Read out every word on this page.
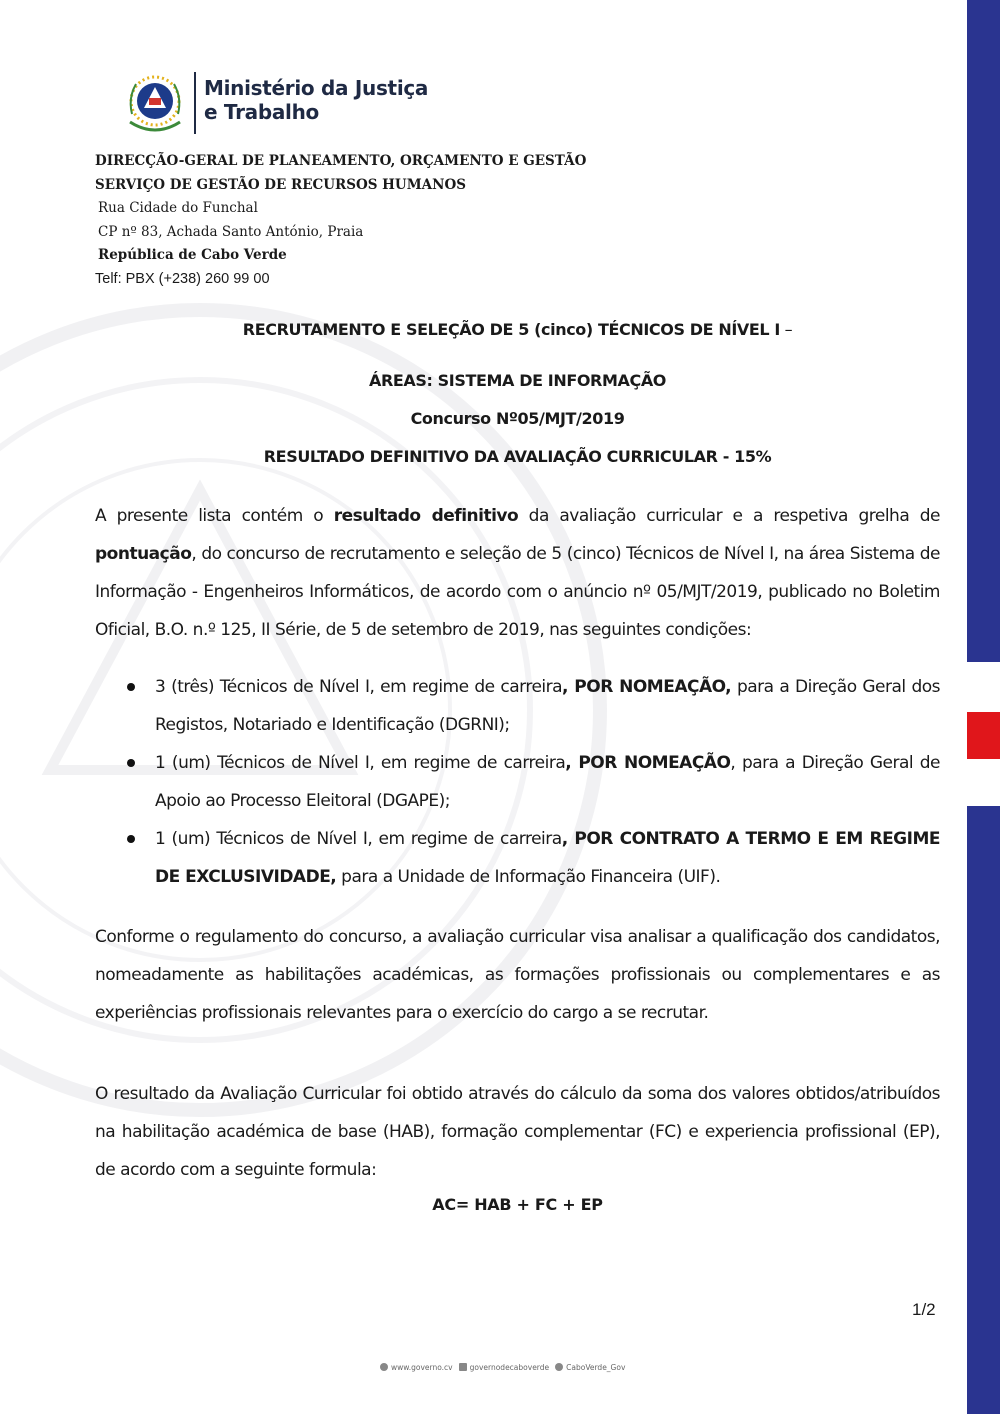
Ministério da Justiça
e Trabalho
DIRECÇÃO-GERAL DE PLANEAMENTO, ORÇAMENTO E GESTÃO
SERVIÇO DE GESTÃO DE RECURSOS HUMANOS
Rua Cidade do Funchal
CP nº 83, Achada Santo António, Praia
República de Cabo Verde
Telf: PBX (+238) 260 99 00
RECRUTAMENTO E SELEÇÃO DE 5 (cinco) TÉCNICOS DE NÍVEL I –
ÁREAS: SISTEMA DE INFORMAÇÃO
Concurso Nº05/MJT/2019
RESULTADO DEFINITIVO DA AVALIAÇÃO CURRICULAR - 15%
A presente lista contém o resultado definitivo da avaliação curricular e a respetiva grelha de pontuação, do concurso de recrutamento e seleção de 5 (cinco) Técnicos de Nível I, na área Sistema de Informação - Engenheiros Informáticos, de acordo com o anúncio nº 05/MJT/2019, publicado no Boletim Oficial, B.O. n.º 125, II Série, de 5 de setembro de 2019, nas seguintes condições:
3 (três) Técnicos de Nível I, em regime de carreira, POR NOMEAÇÃO, para a Direção Geral dos Registos, Notariado e Identificação (DGRNI);
1 (um) Técnicos de Nível I, em regime de carreira, POR NOMEAÇÃO, para a Direção Geral de Apoio ao Processo Eleitoral (DGAPE);
1 (um) Técnicos de Nível I, em regime de carreira, POR CONTRATO A TERMO E EM REGIME DE EXCLUSIVIDADE, para a Unidade de Informação Financeira (UIF).
Conforme o regulamento do concurso, a avaliação curricular visa analisar a qualificação dos candidatos, nomeadamente as habilitações académicas, as formações profissionais ou complementares e as experiências profissionais relevantes para o exercício do cargo a se recrutar.
O resultado da Avaliação Curricular foi obtido através do cálculo da soma dos valores obtidos/atribuídos na habilitação académica de base (HAB), formação complementar (FC) e experiencia profissional (EP), de acordo com a seguinte formula:
AC= HAB + FC + EP
1/2
www.governo.cv governodecaboverde CaboVerde_Gov
